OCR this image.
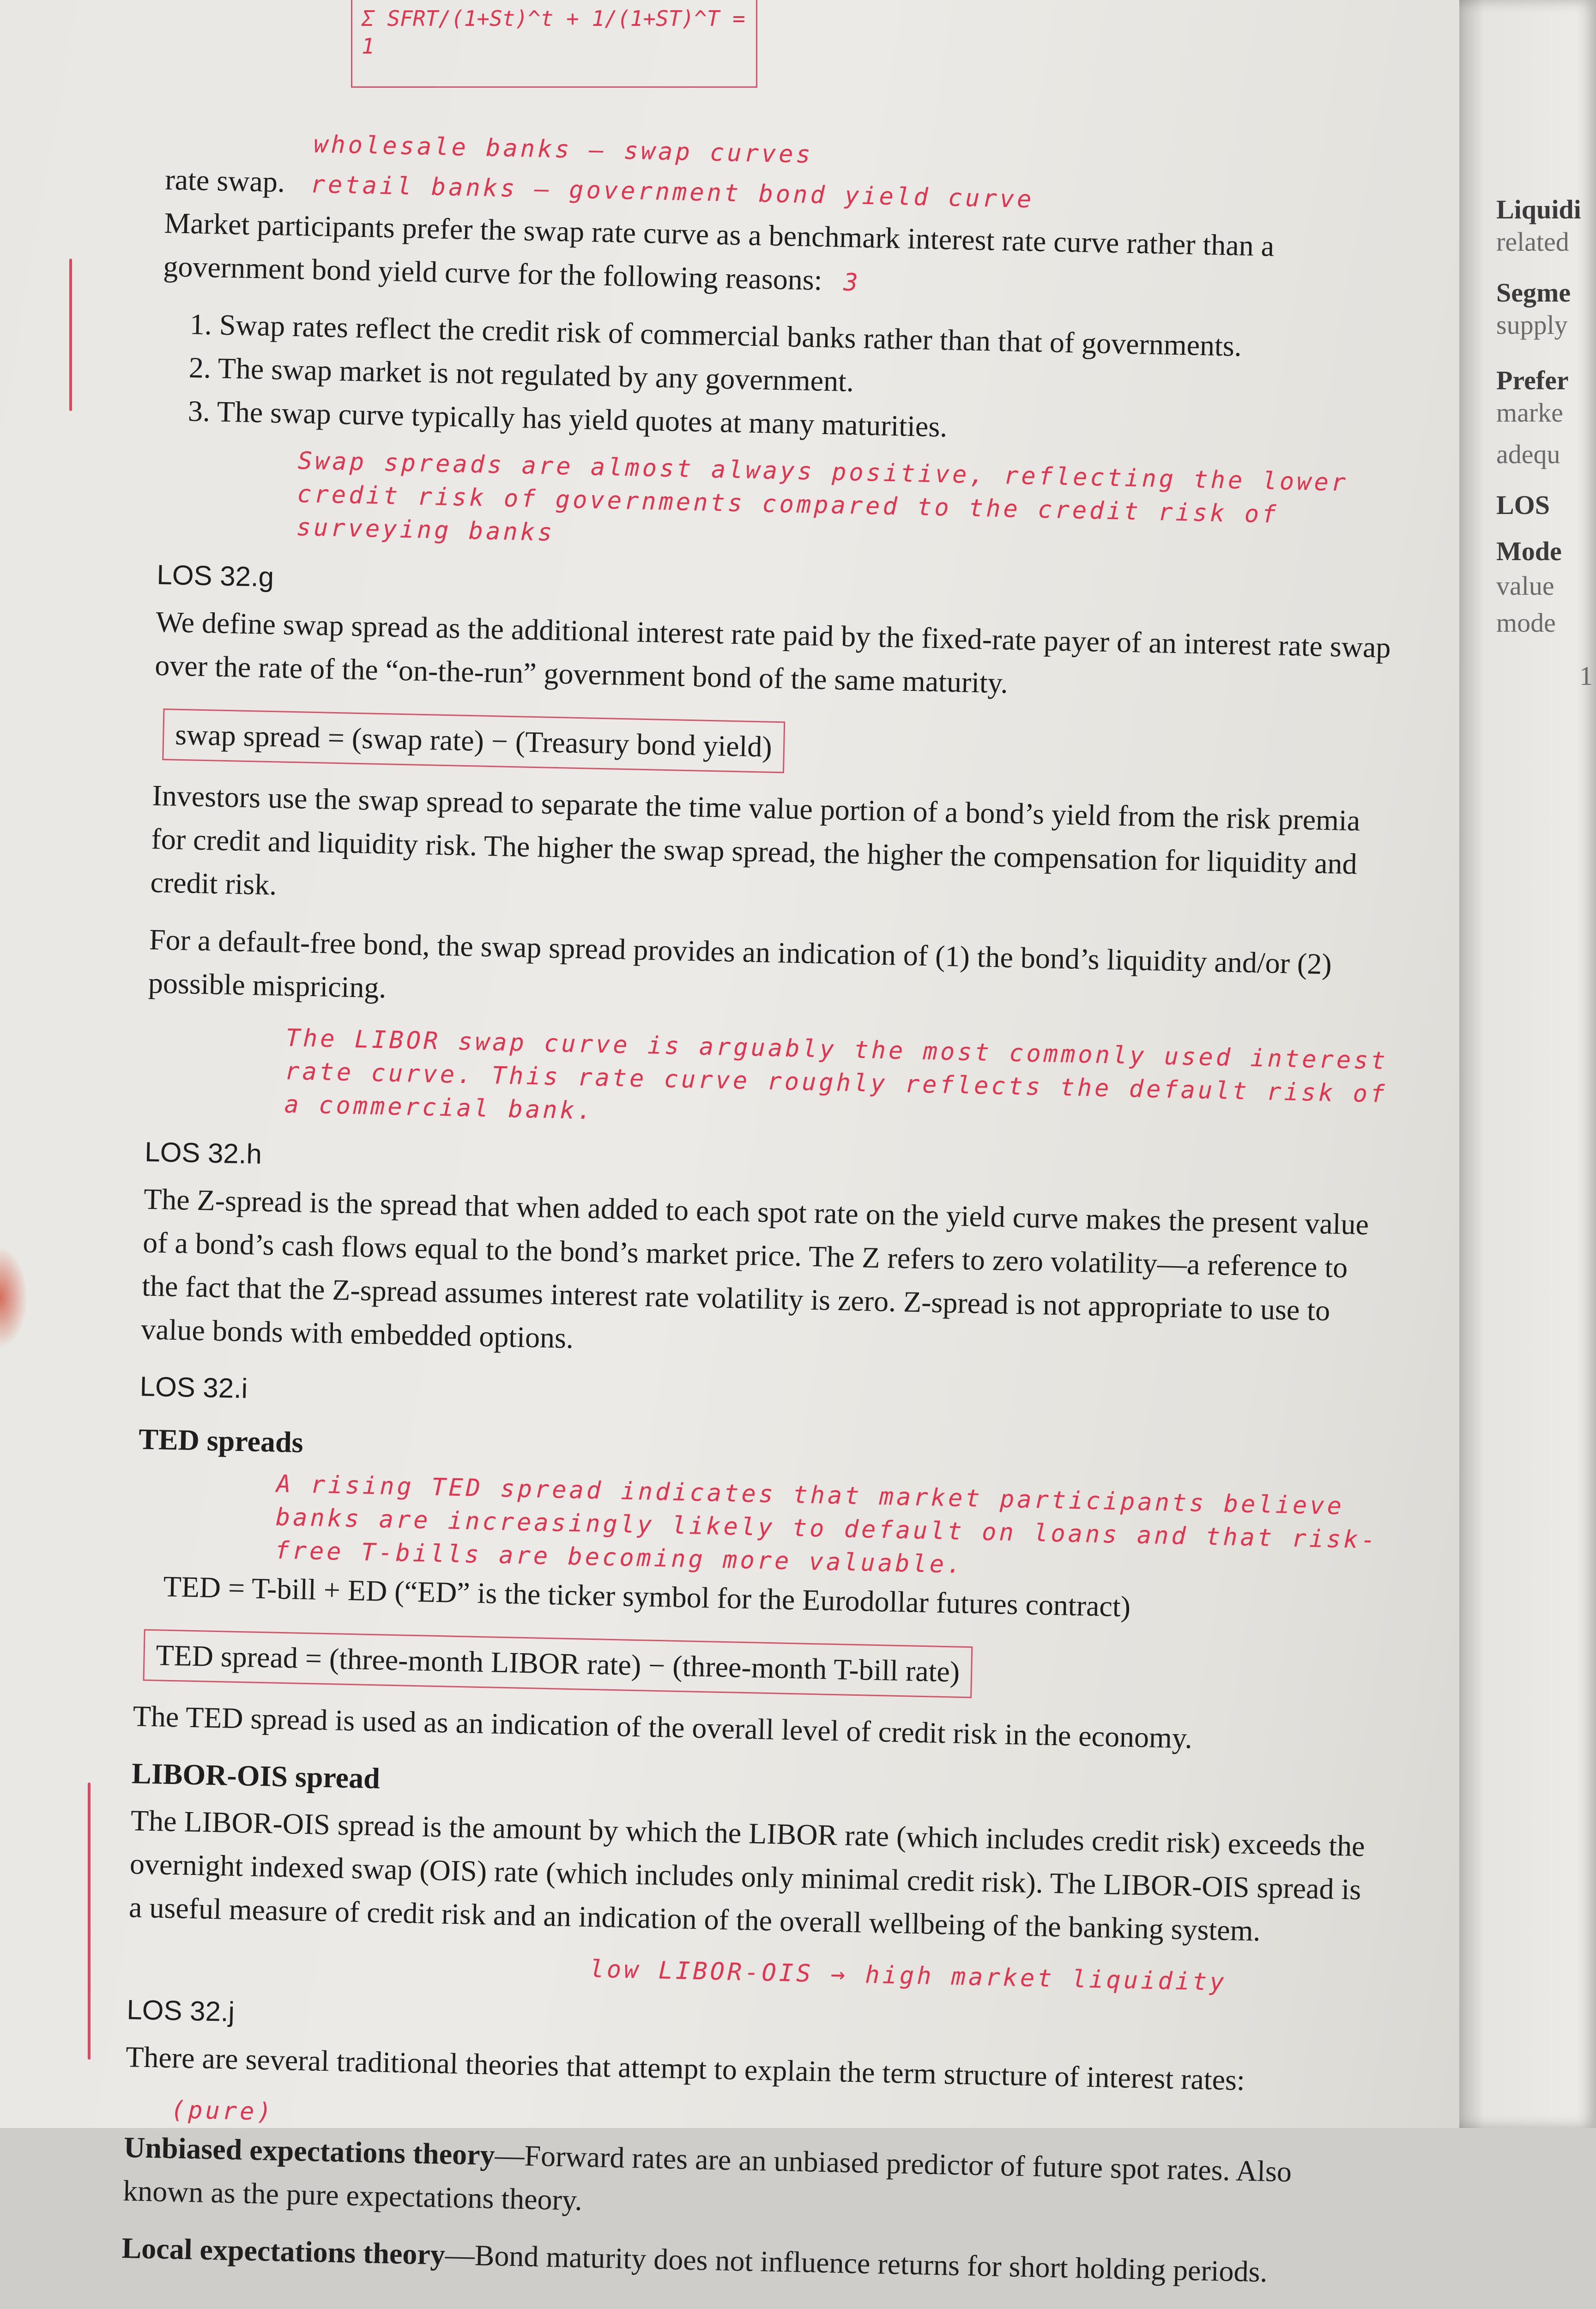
Σ SFRT/(1+St)^t + 1/(1+ST)^T = 1
wholesale banks — swap curves
rate swap. retail banks — government bond yield curve

Market participants prefer the swap rate curve as a benchmark interest rate curve rather than a government bond yield curve for the following reasons: 3

1. Swap rates reflect the credit risk of commercial banks rather than that of governments.
2. The swap market is not regulated by any government.
3. The swap curve typically has yield quotes at many maturities.
Swap spreads are almost always positive, reflecting the lower credit risk of governments compared to the credit risk of surveying banks
LOS 32.g

We define swap spread as the additional interest rate paid by the fixed-rate payer of an interest rate swap over the rate of the “on-the-run” government bond of the same maturity.

swap spread = (swap rate) − (Treasury bond yield)

Investors use the swap spread to separate the time value portion of a bond’s yield from the risk premia for credit and liquidity risk. The higher the swap spread, the higher the compensation for liquidity and credit risk.

For a default-free bond, the swap spread provides an indication of (1) the bond’s liquidity and/or (2) possible mispricing.

The LIBOR swap curve is arguably the most commonly used interest rate curve. This rate curve roughly reflects the default risk of a commercial bank.
LOS 32.h

The Z-spread is the spread that when added to each spot rate on the yield curve makes the present value of a bond’s cash flows equal to the bond’s market price. The Z refers to zero volatility—a reference to the fact that the Z-spread assumes interest rate volatility is zero. Z-spread is not appropriate to use to value bonds with embedded options.

LOS 32.i
TED spreads
A rising TED spread indicates that market participants believe banks are increasingly likely to default on loans and that risk-free T-bills are becoming more valuable.

TED = T-bill + ED (“ED” is the ticker symbol for the Eurodollar futures contract)

TED spread = (three-month LIBOR rate) − (three-month T-bill rate)

The TED spread is used as an indication of the overall level of credit risk in the economy.

LIBOR-OIS spread

The LIBOR-OIS spread is the amount by which the LIBOR rate (which includes credit risk) exceeds the overnight indexed swap (OIS) rate (which includes only minimal credit risk). The LIBOR-OIS spread is a useful measure of credit risk and an indication of the overall wellbeing of the banking system.

low LIBOR-OIS → high market liquidity
LOS 32.j

There are several traditional theories that attempt to explain the term structure of interest rates:

(pure)

Unbiased expectations theory—Forward rates are an unbiased predictor of future spot rates. Also known as the pure expectations theory.

Local expectations theory—Bond maturity does not influence returns for short holding periods.

Liquidi
related
Segme
supply
Prefer
marke
adequ
LOS
Mode
value
mode
1
